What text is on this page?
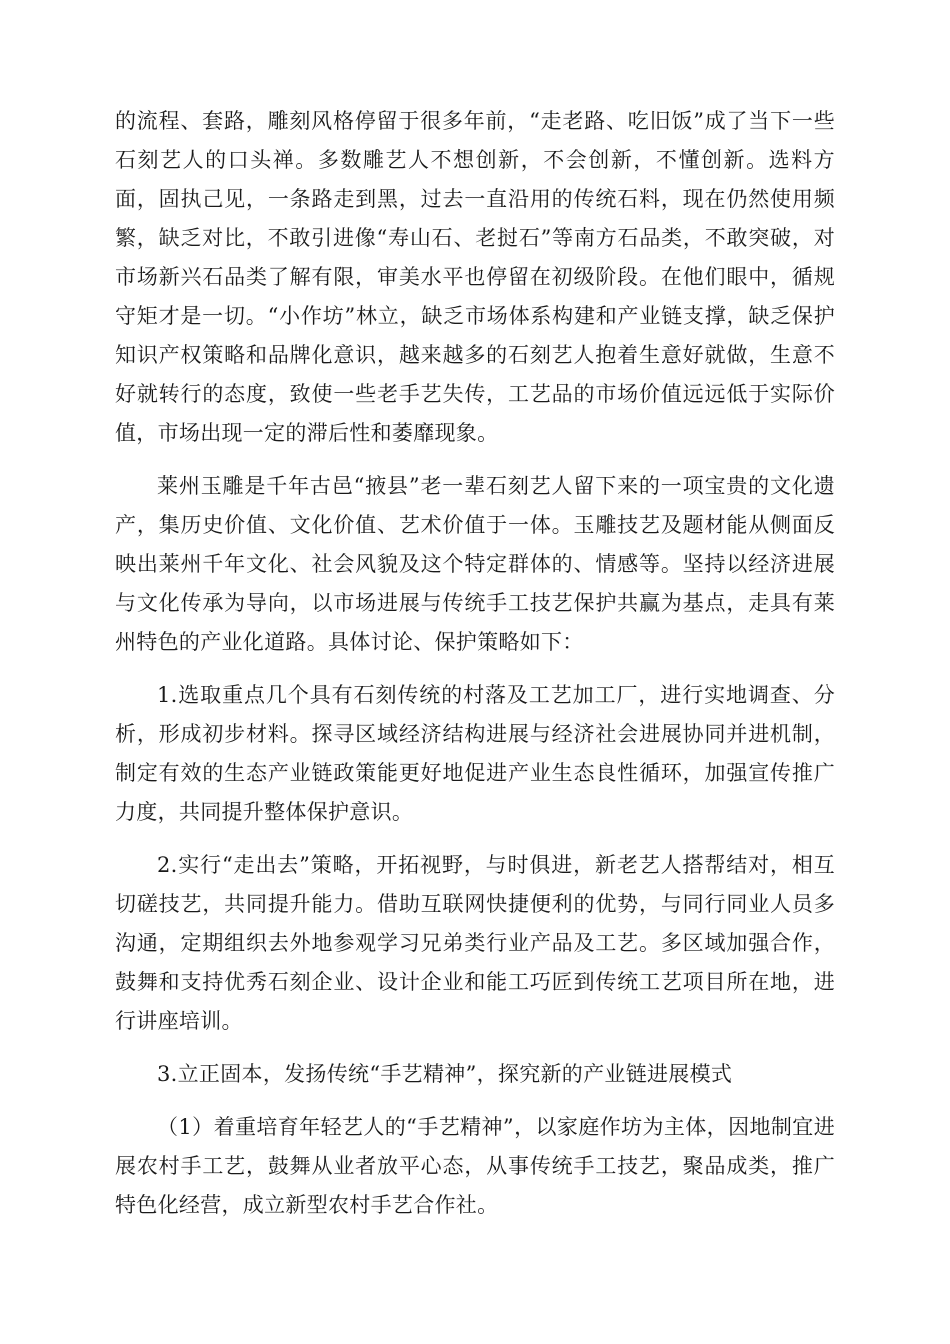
的流程、套路，雕刻风格停留于很多年前，“走老路、吃旧饭”成了当下一些石刻艺人的口头禅。多数雕艺人不想创新，不会创新，不懂创新。选料方面，固执己见，一条路走到黑，过去一直沿用的传统石料，现在仍然使用频繁，缺乏对比，不敢引进像“寿山石、老挝石”等南方石品类，不敢突破，对市场新兴石品类了解有限，审美水平也停留在初级阶段。在他们眼中，循规守矩才是一切。“小作坊”林立，缺乏市场体系构建和产业链支撑，缺乏保护知识产权策略和品牌化意识，越来越多的石刻艺人抱着生意好就做，生意不好就转行的态度，致使一些老手艺失传，工艺品的市场价值远远低于实际价值，市场出现一定的滞后性和萎靡现象。

莱州玉雕是千年古邑“掖县”老一辈石刻艺人留下来的一项宝贵的文化遗产，集历史价值、文化价值、艺术价值于一体。玉雕技艺及题材能从侧面反映出莱州千年文化、社会风貌及这个特定群体的、情感等。坚持以经济进展与文化传承为导向，以市场进展与传统手工技艺保护共赢为基点，走具有莱州特色的产业化道路。具体讨论、保护策略如下：

1.选取重点几个具有石刻传统的村落及工艺加工厂，进行实地调查、分析，形成初步材料。探寻区域经济结构进展与经济社会进展协同并进机制，制定有效的生态产业链政策能更好地促进产业生态良性循环，加强宣传推广力度，共同提升整体保护意识。

2.实行“走出去”策略，开拓视野，与时俱进，新老艺人搭帮结对，相互切磋技艺，共同提升能力。借助互联网快捷便利的优势，与同行同业人员多沟通，定期组织去外地参观学习兄弟类行业产品及工艺。多区域加强合作，鼓舞和支持优秀石刻企业、设计企业和能工巧匠到传统工艺项目所在地，进行讲座培训。

3.立正固本，发扬传统“手艺精神”，探究新的产业链进展模式

（1）着重培育年轻艺人的“手艺精神”，以家庭作坊为主体，因地制宜进展农村手工艺，鼓舞从业者放平心态，从事传统手工技艺，聚品成类，推广特色化经营，成立新型农村手艺合作社。
